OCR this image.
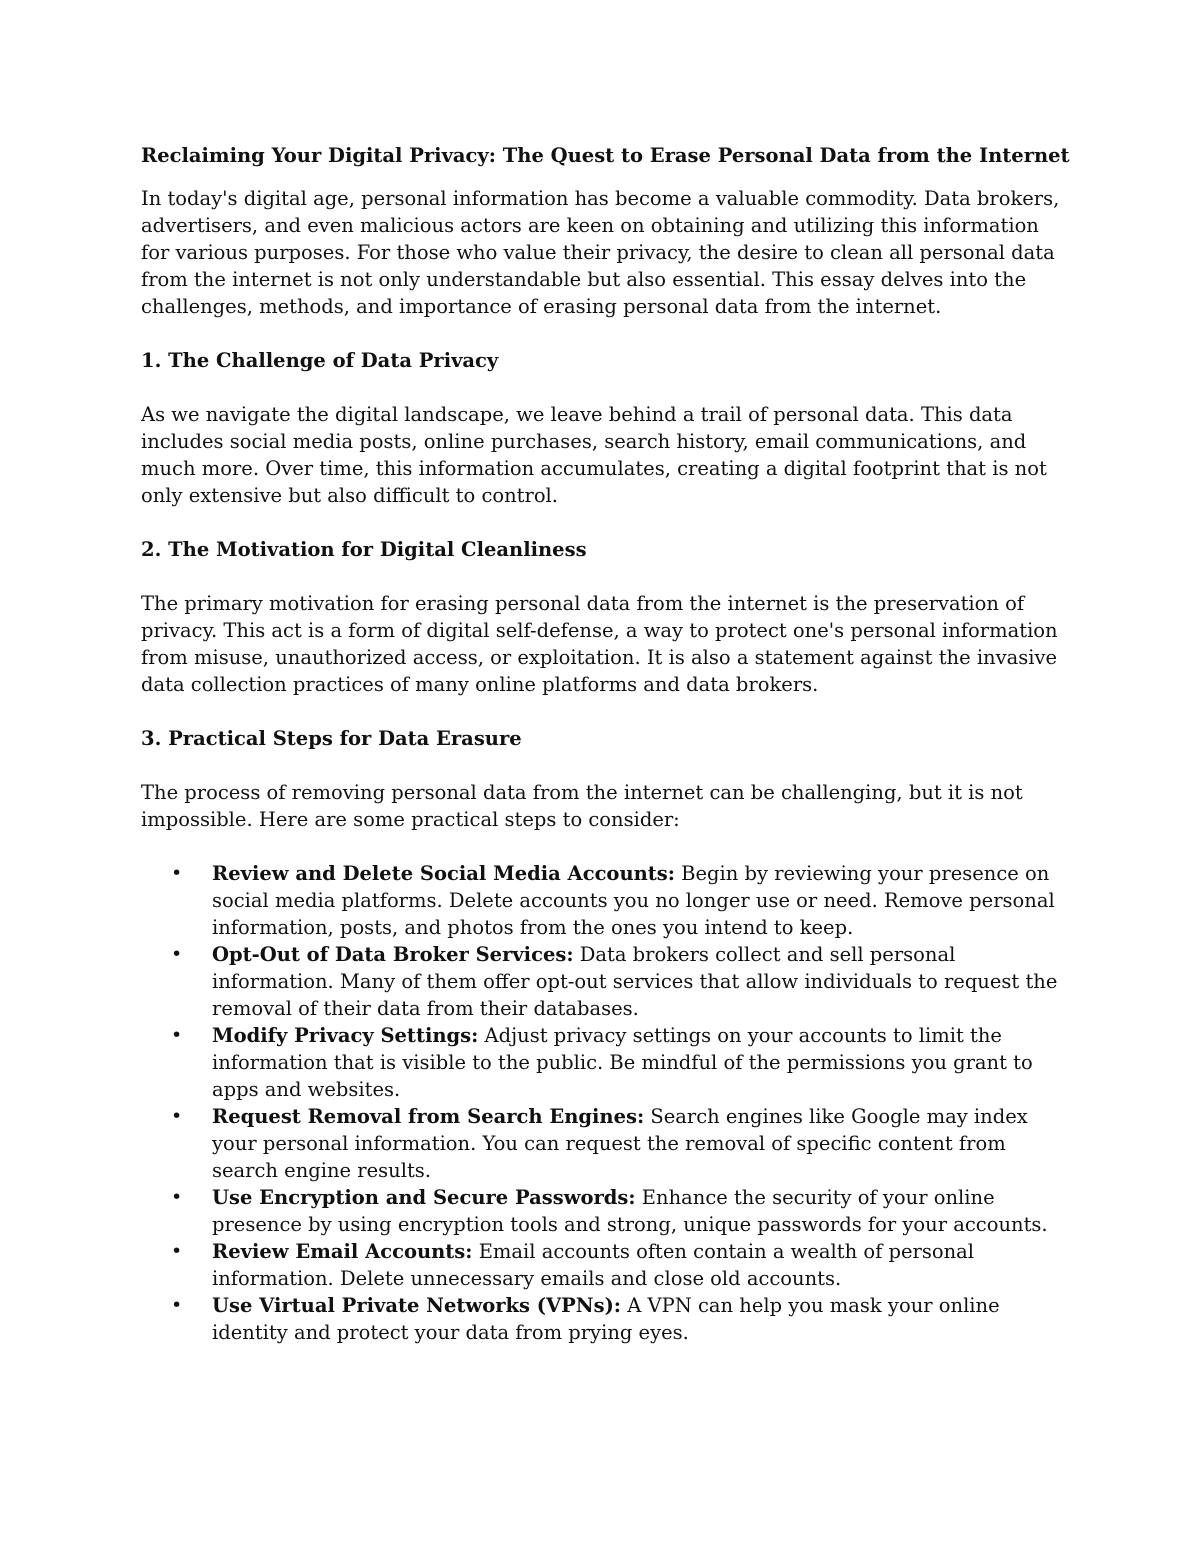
Reclaiming Your Digital Privacy: The Quest to Erase Personal Data from the Internet

In today's digital age, personal information has become a valuable commodity. Data brokers, advertisers, and even malicious actors are keen on obtaining and utilizing this information for various purposes. For those who value their privacy, the desire to clean all personal data from the internet is not only understandable but also essential. This essay delves into the challenges, methods, and importance of erasing personal data from the internet.

1. The Challenge of Data Privacy

As we navigate the digital landscape, we leave behind a trail of personal data. This data includes social media posts, online purchases, search history, email communications, and much more. Over time, this information accumulates, creating a digital footprint that is not only extensive but also difficult to control.

2. The Motivation for Digital Cleanliness

The primary motivation for erasing personal data from the internet is the preservation of privacy. This act is a form of digital self-defense, a way to protect one's personal information from misuse, unauthorized access, or exploitation. It is also a statement against the invasive data collection practices of many online platforms and data brokers.

3. Practical Steps for Data Erasure

The process of removing personal data from the internet can be challenging, but it is not impossible. Here are some practical steps to consider:

• Review and Delete Social Media Accounts: Begin by reviewing your presence on social media platforms. Delete accounts you no longer use or need. Remove personal information, posts, and photos from the ones you intend to keep.
• Opt-Out of Data Broker Services: Data brokers collect and sell personal information. Many of them offer opt-out services that allow individuals to request the removal of their data from their databases.
• Modify Privacy Settings: Adjust privacy settings on your accounts to limit the information that is visible to the public. Be mindful of the permissions you grant to apps and websites.
• Request Removal from Search Engines: Search engines like Google may index your personal information. You can request the removal of specific content from search engine results.
• Use Encryption and Secure Passwords: Enhance the security of your online presence by using encryption tools and strong, unique passwords for your accounts.
• Review Email Accounts: Email accounts often contain a wealth of personal information. Delete unnecessary emails and close old accounts.
• Use Virtual Private Networks (VPNs): A VPN can help you mask your online identity and protect your data from prying eyes.
